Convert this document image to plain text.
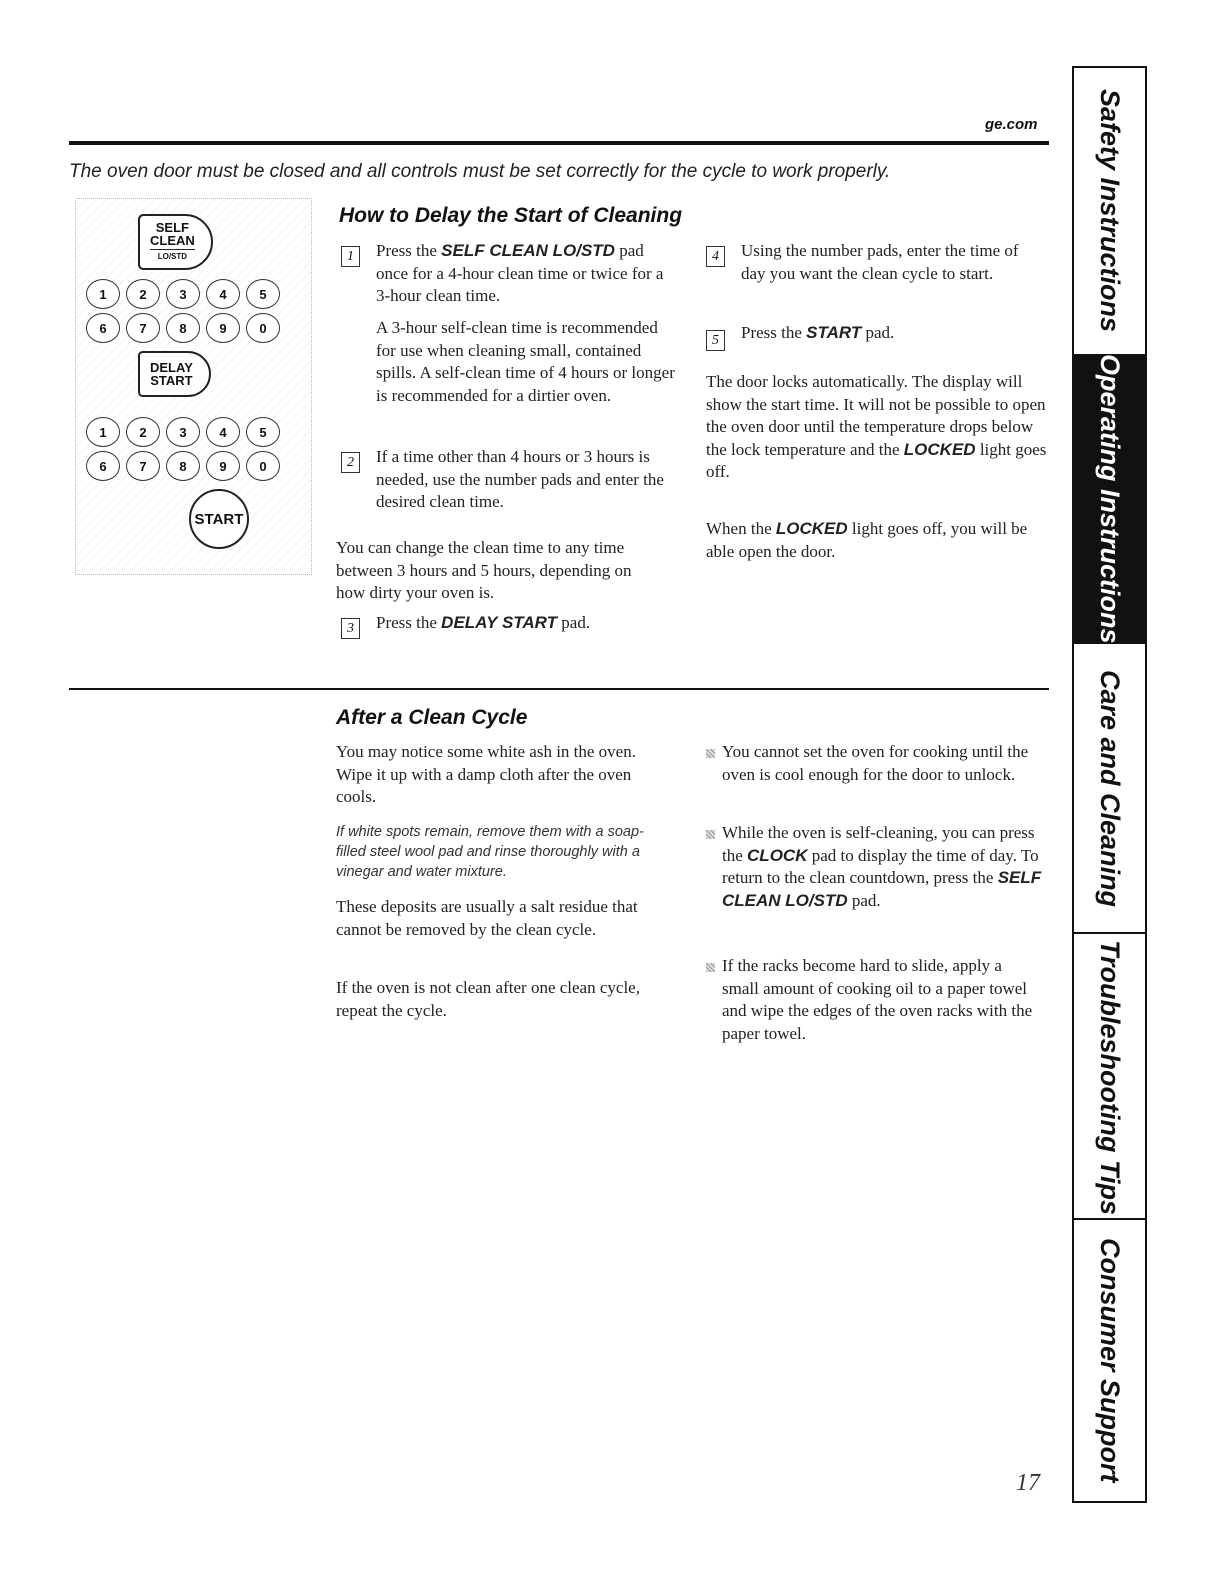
ge.com
The oven door must be closed and all controls must be set correctly for the cycle to work properly.
SELF
CLEAN
LO/STD
1	2	3	4	5
6	7	8	9	0
DELAY
START
1	2	3	4	5
6	7	8	9	0
START
How to Delay the Start of Cleaning
1	Press the SELF CLEAN LO/STD pad once for a 4-hour clean time or twice for a 3-hour clean time.
A 3-hour self-clean time is recommended for use when cleaning small, contained spills. A self-clean time of 4 hours or longer is recommended for a dirtier oven.
2	If a time other than 4 hours or 3 hours is needed, use the number pads and enter the desired clean time.
You can change the clean time to any time between 3 hours and 5 hours, depending on how dirty your oven is.
3	Press the DELAY START pad.
4	Using the number pads, enter the time of day you want the clean cycle to start.
5	Press the START pad.
The door locks automatically. The display will show the start time. It will not be possible to open the oven door until the temperature drops below the lock temperature and the LOCKED light goes off.
When the LOCKED light goes off, you will be able open the door.
After a Clean Cycle
You may notice some white ash in the oven. Wipe it up with a damp cloth after the oven cools.
If white spots remain, remove them with a soap-filled steel wool pad and rinse thoroughly with a vinegar and water mixture.
These deposits are usually a salt residue that cannot be removed by the clean cycle.
If the oven is not clean after one clean cycle, repeat the cycle.
You cannot set the oven for cooking until the oven is cool enough for the door to unlock.
While the oven is self-cleaning, you can press the CLOCK pad to display the time of day. To return to the clean countdown, press the SELF CLEAN LO/STD pad.
If the racks become hard to slide, apply a small amount of cooking oil to a paper towel and wipe the edges of the oven racks with the paper towel.
17
Safety Instructions
Operating Instructions
Care and Cleaning
Troubleshooting Tips
Consumer Support
